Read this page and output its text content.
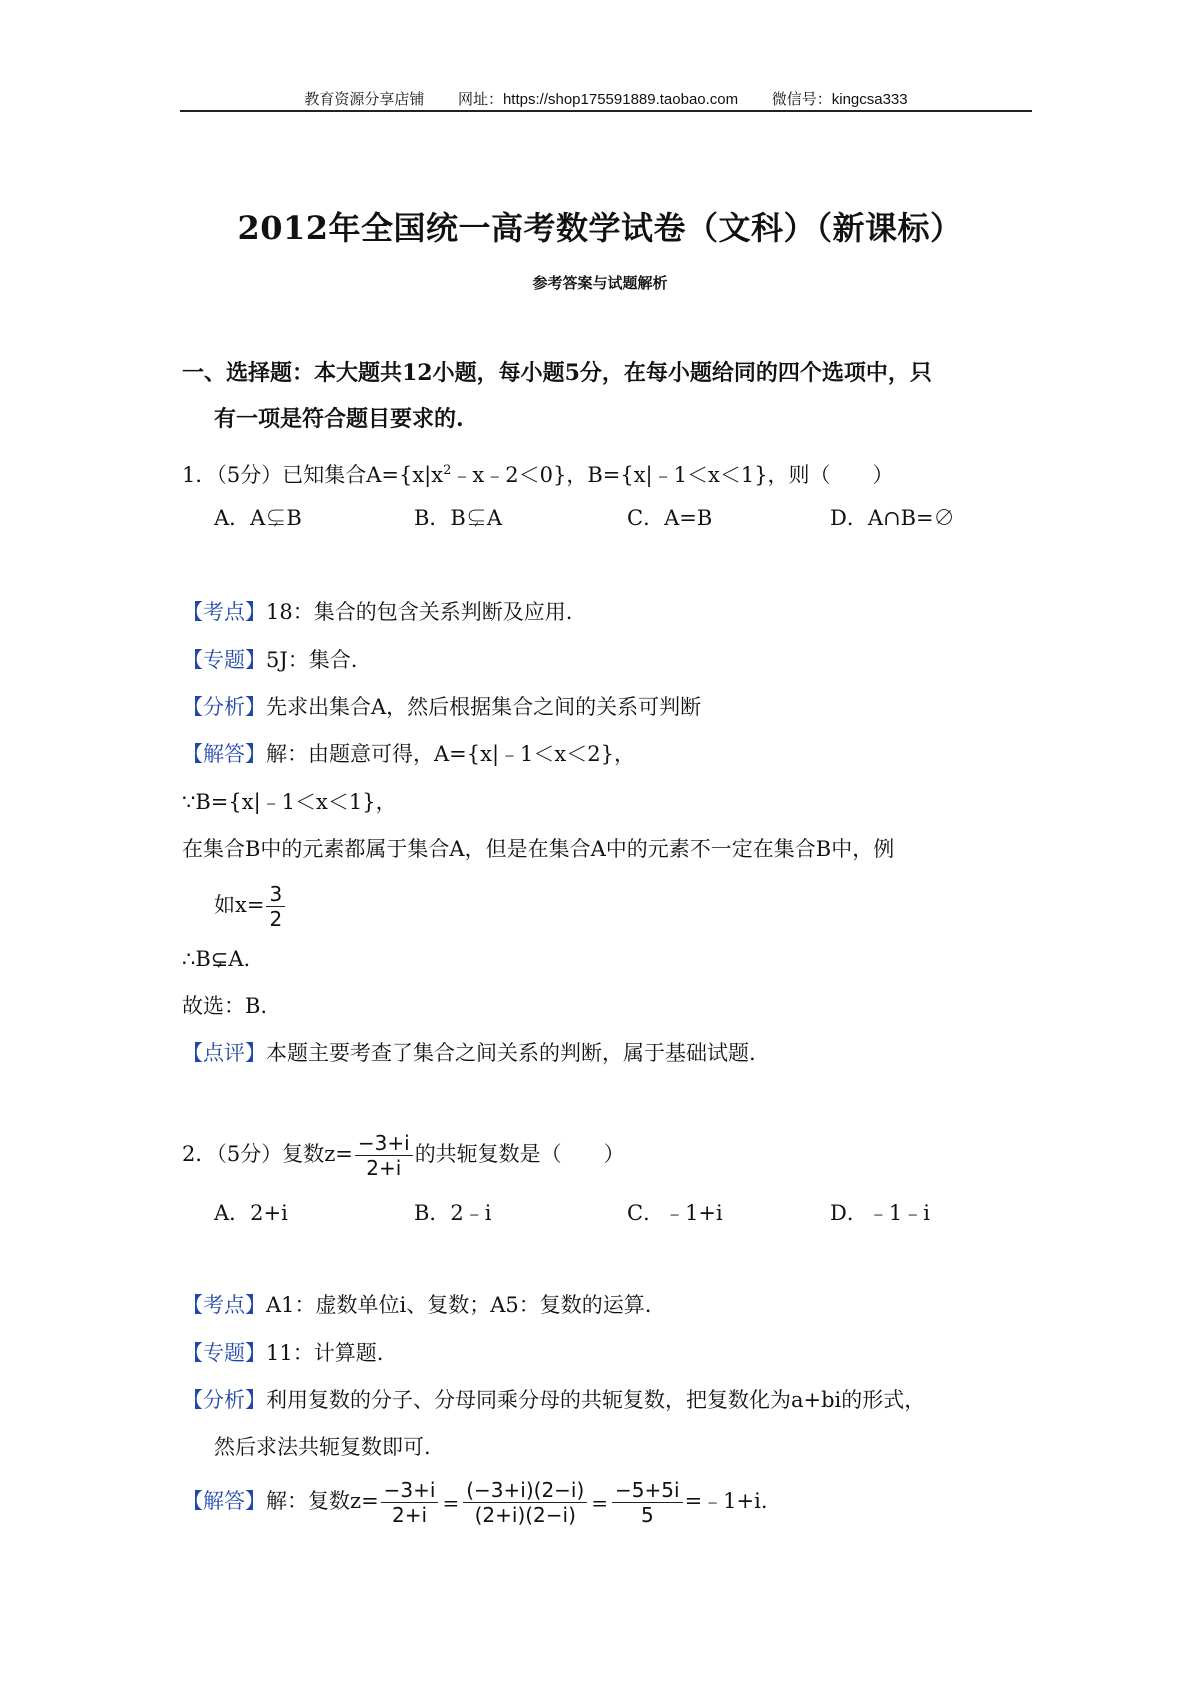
教育资源分享店铺 网址：https://shop175591889.taobao.com 微信号：kingcsa333
2012年全国统一高考数学试卷（文科）（新课标）
参考答案与试题解析
一、选择题：本大题共12小题，每小题5分，在每小题给同的四个选项中，只
有一项是符合题目要求的.
1．（5分）已知集合$A=\{x|x^2﹣x﹣2<0\}$，B={x|﹣1＜x＜1}，则（　　）
A．A⊊B	B．B⊊A	C．A=B	D．A∩B=∅
【考点】18：集合的包含关系判断及应用.
【专题】5J：集合.
【分析】先求出集合A，然后根据集合之间的关系可判断
【解答】解：由题意可得，A={x|﹣1＜x＜2}，
∵B={x|﹣1＜x＜1}，
在集合B中的元素都属于集合A，但是在集合A中的元素不一定在集合B中，例
如$x= \frac{3}{2}$
∴B⊊A.
故选：B.
【点评】本题主要考查了集合之间关系的判断，属于基础试题.
2．（5分）复数$z= \frac{-3+i}{2+i}$ 的共轭复数是（　　）
A．2+i	B．2﹣i	C．﹣1+i	D．﹣1﹣i
【考点】A1：虚数单位i、复数；A5：复数的运算.
【专题】11：计算题.
【分析】利用复数的分子、分母同乘分母的共轭复数，把复数化为a+bi的形式，
然后求法共轭复数即可.
【解答】解：复数$z= \frac{-3+i}{2+i} = \frac{(-3+i)(2-i)}{(2+i)(2-i)} = \frac{-5+5i}{5}$ =﹣1+i.
